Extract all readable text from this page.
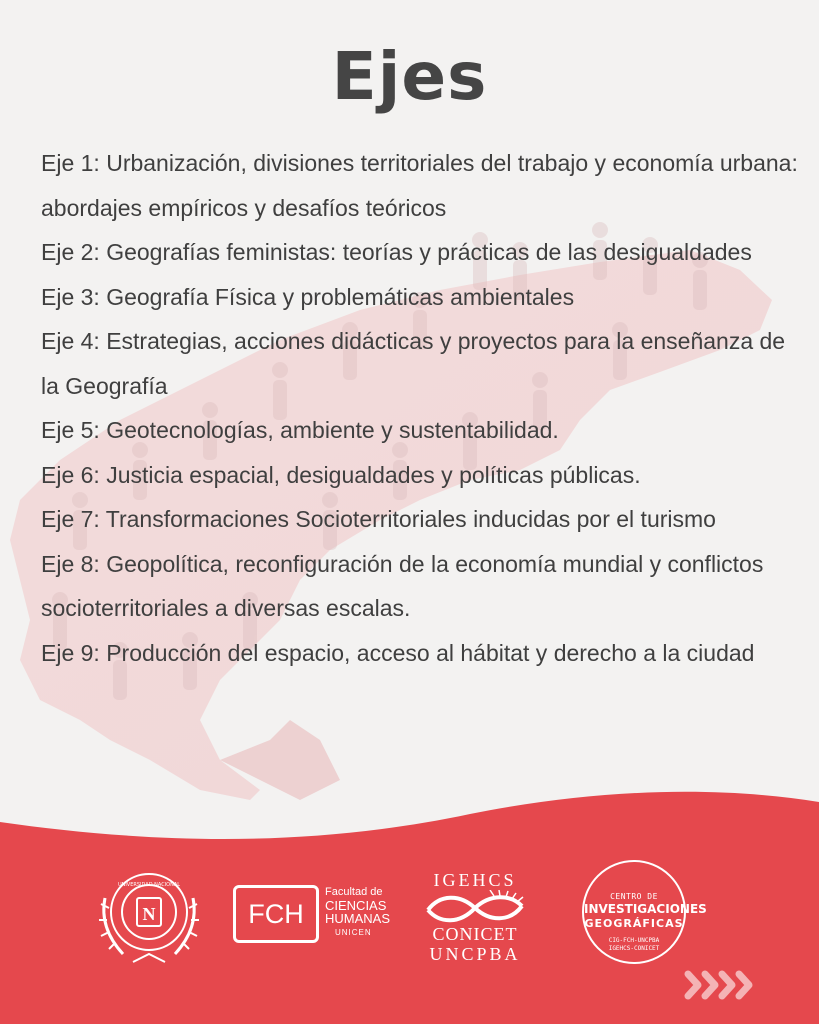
Ejes
Eje 1: Urbanización, divisiones territoriales del trabajo y economía urbana: abordajes empíricos y desafíos teóricos
Eje 2: Geografías feministas: teorías y prácticas de las desigualdades
Eje 3: Geografía Física y problemáticas ambientales
Eje 4: Estrategias, acciones didácticas y proyectos para la enseñanza de la Geografía
Eje 5: Geotecnologías, ambiente y sustentabilidad.
Eje 6: Justicia espacial, desigualdades y políticas públicas.
Eje 7: Transformaciones Socioterritoriales inducidas por el turismo
Eje 8: Geopolítica, reconfiguración de la economía mundial y conflictos socioterritoriales a diversas escalas.
Eje 9: Producción del espacio, acceso al hábitat y derecho a la ciudad
N
UNIVERSIDAD NACIONAL
FCH
Facultad de
CIENCIAS
HUMANAS
UNICEN
IGEHCS
CONICET
UNCPBA
CENTRO DE
INVESTIGACIONES
GEOGRÁFICAS
CIG-FCH-UNCPBA
IGEHCS-CONICET
